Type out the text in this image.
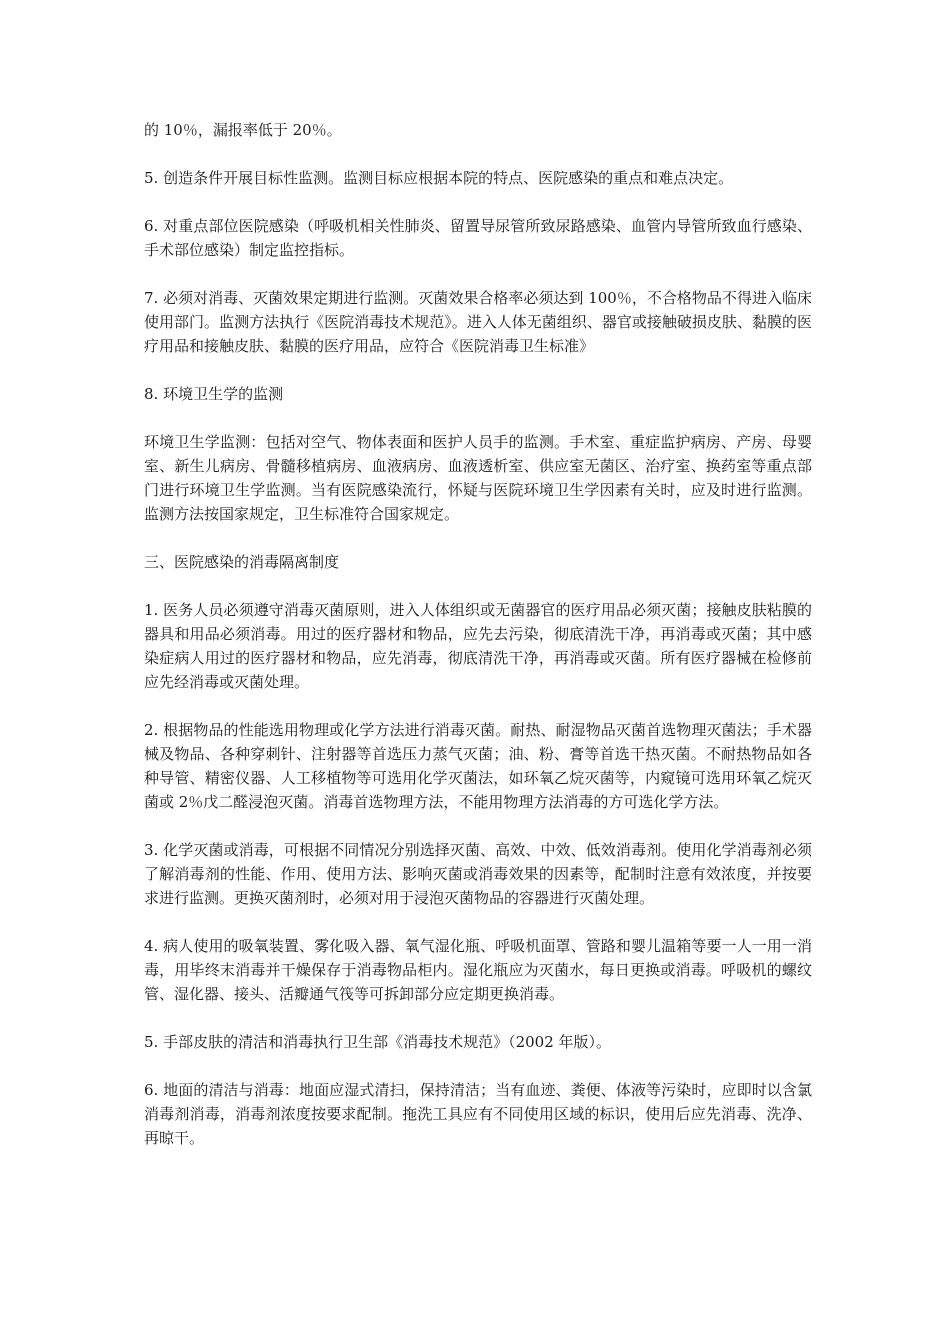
的 10％，漏报率低于 20％。

5. 创造条件开展目标性监测。监测目标应根据本院的特点、医院感染的重点和难点决定。

6. 对重点部位医院感染（呼吸机相关性肺炎、留置导尿管所致尿路感染、血管内导管所致血行感染、手术部位感染）制定监控指标。

7. 必须对消毒、灭菌效果定期进行监测。灭菌效果合格率必须达到 100％，不合格物品不得进入临床使用部门。监测方法执行《医院消毒技术规范》。进入人体无菌组织、器官或接触破损皮肤、黏膜的医疗用品和接触皮肤、黏膜的医疗用品，应符合《医院消毒卫生标准》

8. 环境卫生学的监测

环境卫生学监测：包括对空气、物体表面和医护人员手的监测。手术室、重症监护病房、产房、母婴室、新生儿病房、骨髓移植病房、血液病房、血液透析室、供应室无菌区、治疗室、换药室等重点部门进行环境卫生学监测。当有医院感染流行，怀疑与医院环境卫生学因素有关时，应及时进行监测。监测方法按国家规定，卫生标准符合国家规定。

三、医院感染的消毒隔离制度

1. 医务人员必须遵守消毒灭菌原则，进入人体组织或无菌器官的医疗用品必须灭菌；接触皮肤粘膜的器具和用品必须消毒。用过的医疗器材和物品，应先去污染，彻底清洗干净，再消毒或灭菌；其中感染症病人用过的医疗器材和物品，应先消毒，彻底清洗干净，再消毒或灭菌。所有医疗器械在检修前应先经消毒或灭菌处理。

2. 根据物品的性能选用物理或化学方法进行消毒灭菌。耐热、耐湿物品灭菌首选物理灭菌法；手术器械及物品、各种穿刺针、注射器等首选压力蒸气灭菌；油、粉、膏等首选干热灭菌。不耐热物品如各种导管、精密仪器、人工移植物等可选用化学灭菌法，如环氧乙烷灭菌等，内窥镜可选用环氧乙烷灭菌或 2％戊二醛浸泡灭菌。消毒首选物理方法，不能用物理方法消毒的方可选化学方法。

3. 化学灭菌或消毒，可根据不同情况分别选择灭菌、高效、中效、低效消毒剂。使用化学消毒剂必须了解消毒剂的性能、作用、使用方法、影响灭菌或消毒效果的因素等，配制时注意有效浓度，并按要求进行监测。更换灭菌剂时，必须对用于浸泡灭菌物品的容器进行灭菌处理。

4. 病人使用的吸氧装置、雾化吸入器、氧气湿化瓶、呼吸机面罩、管路和婴儿温箱等要一人一用一消毒，用毕终末消毒并干燥保存于消毒物品柜内。湿化瓶应为灭菌水，每日更换或消毒。呼吸机的螺纹管、湿化器、接头、活瓣通气筏等可拆卸部分应定期更换消毒。

5. 手部皮肤的清洁和消毒执行卫生部《消毒技术规范》（2002 年版）。

6. 地面的清洁与消毒：地面应湿式清扫，保持清洁；当有血迹、粪便、体液等污染时，应即时以含氯消毒剂消毒，消毒剂浓度按要求配制。拖洗工具应有不同使用区域的标识，使用后应先消毒、洗净、再晾干。
